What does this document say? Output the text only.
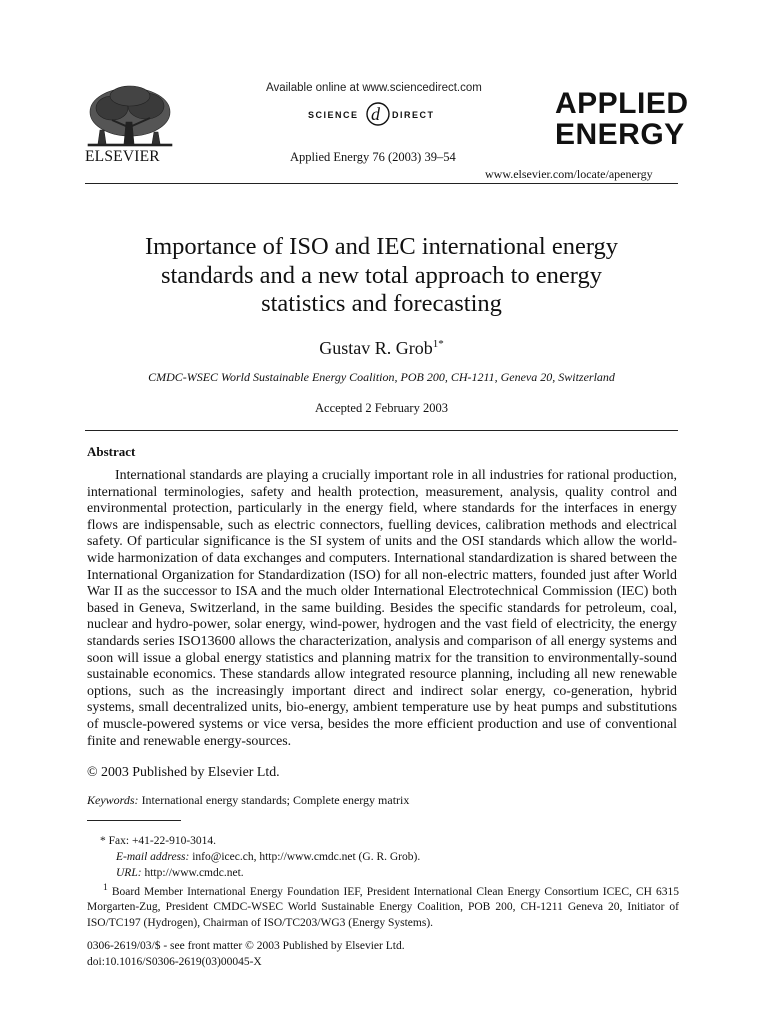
ELSEVIER
Available online at www.sciencedirect.com
SCIENCE d DIRECT
Applied Energy 76 (2003) 39–54
APPLIED
ENERGY
www.elsevier.com/locate/apenergy
Importance of ISO and IEC international energy
standards and a new total approach to energy
statistics and forecasting
Gustav R. Grob$^{1*}$
CMDC-WSEC World Sustainable Energy Coalition, POB 200, CH-1211, Geneva 20, Switzerland
Accepted 2 February 2003
Abstract

International standards are playing a crucially important role in all industries for rational production, international terminologies, safety and health protection, measurement, analysis, quality control and environmental protection, particularly in the energy field, where standards for the interfaces in energy flows are indispensable, such as electric connectors, fuelling devices, calibration methods and electrical safety. Of particular significance is the SI system of units and the OSI standards which allow the world-wide harmonization of data exchanges and computers. International standardization is shared between the International Organization for Standardization (ISO) for all non-electric matters, founded just after World War II as the successor to ISA and the much older International Electrotechnical Commission (IEC) both based in Geneva, Switzerland, in the same building. Besides the specific standards for petroleum, coal, nuclear and hydro-power, solar energy, wind-power, hydrogen and the vast field of electricity, the energy standards series ISO13600 allows the characterization, analysis and comparison of all energy systems and soon will issue a global energy statistics and planning matrix for the transition to environmentally-sound sustainable economics. These standards allow integrated resource planning, including all new renewable options, such as the increasingly important direct and indirect solar energy, co-generation, hybrid systems, small decentralized units, bio-energy, ambient temperature use by heat pumps and substitutions of muscle-powered systems or vice versa, besides the more efficient production and use of conventional finite and renewable energy-sources.

© 2003 Published by Elsevier Ltd.
Keywords: International energy standards; Complete energy matrix
* Fax: +41-22-910-3014.
E-mail address: info@icec.ch, http://www.cmdc.net (G. R. Grob).
URL: http://www.cmdc.net.
$^1$ Board Member International Energy Foundation IEF, President International Clean Energy Consortium ICEC, CH 6315 Morgarten-Zug, President CMDC-WSEC World Sustainable Energy Coalition, POB 200, CH-1211 Geneva 20, Initiator of ISO/TC197 (Hydrogen), Chairman of ISO/TC203/WG3 (Energy Systems).
0306-2619/03/$ - see front matter © 2003 Published by Elsevier Ltd.
doi:10.1016/S0306-2619(03)00045-X
